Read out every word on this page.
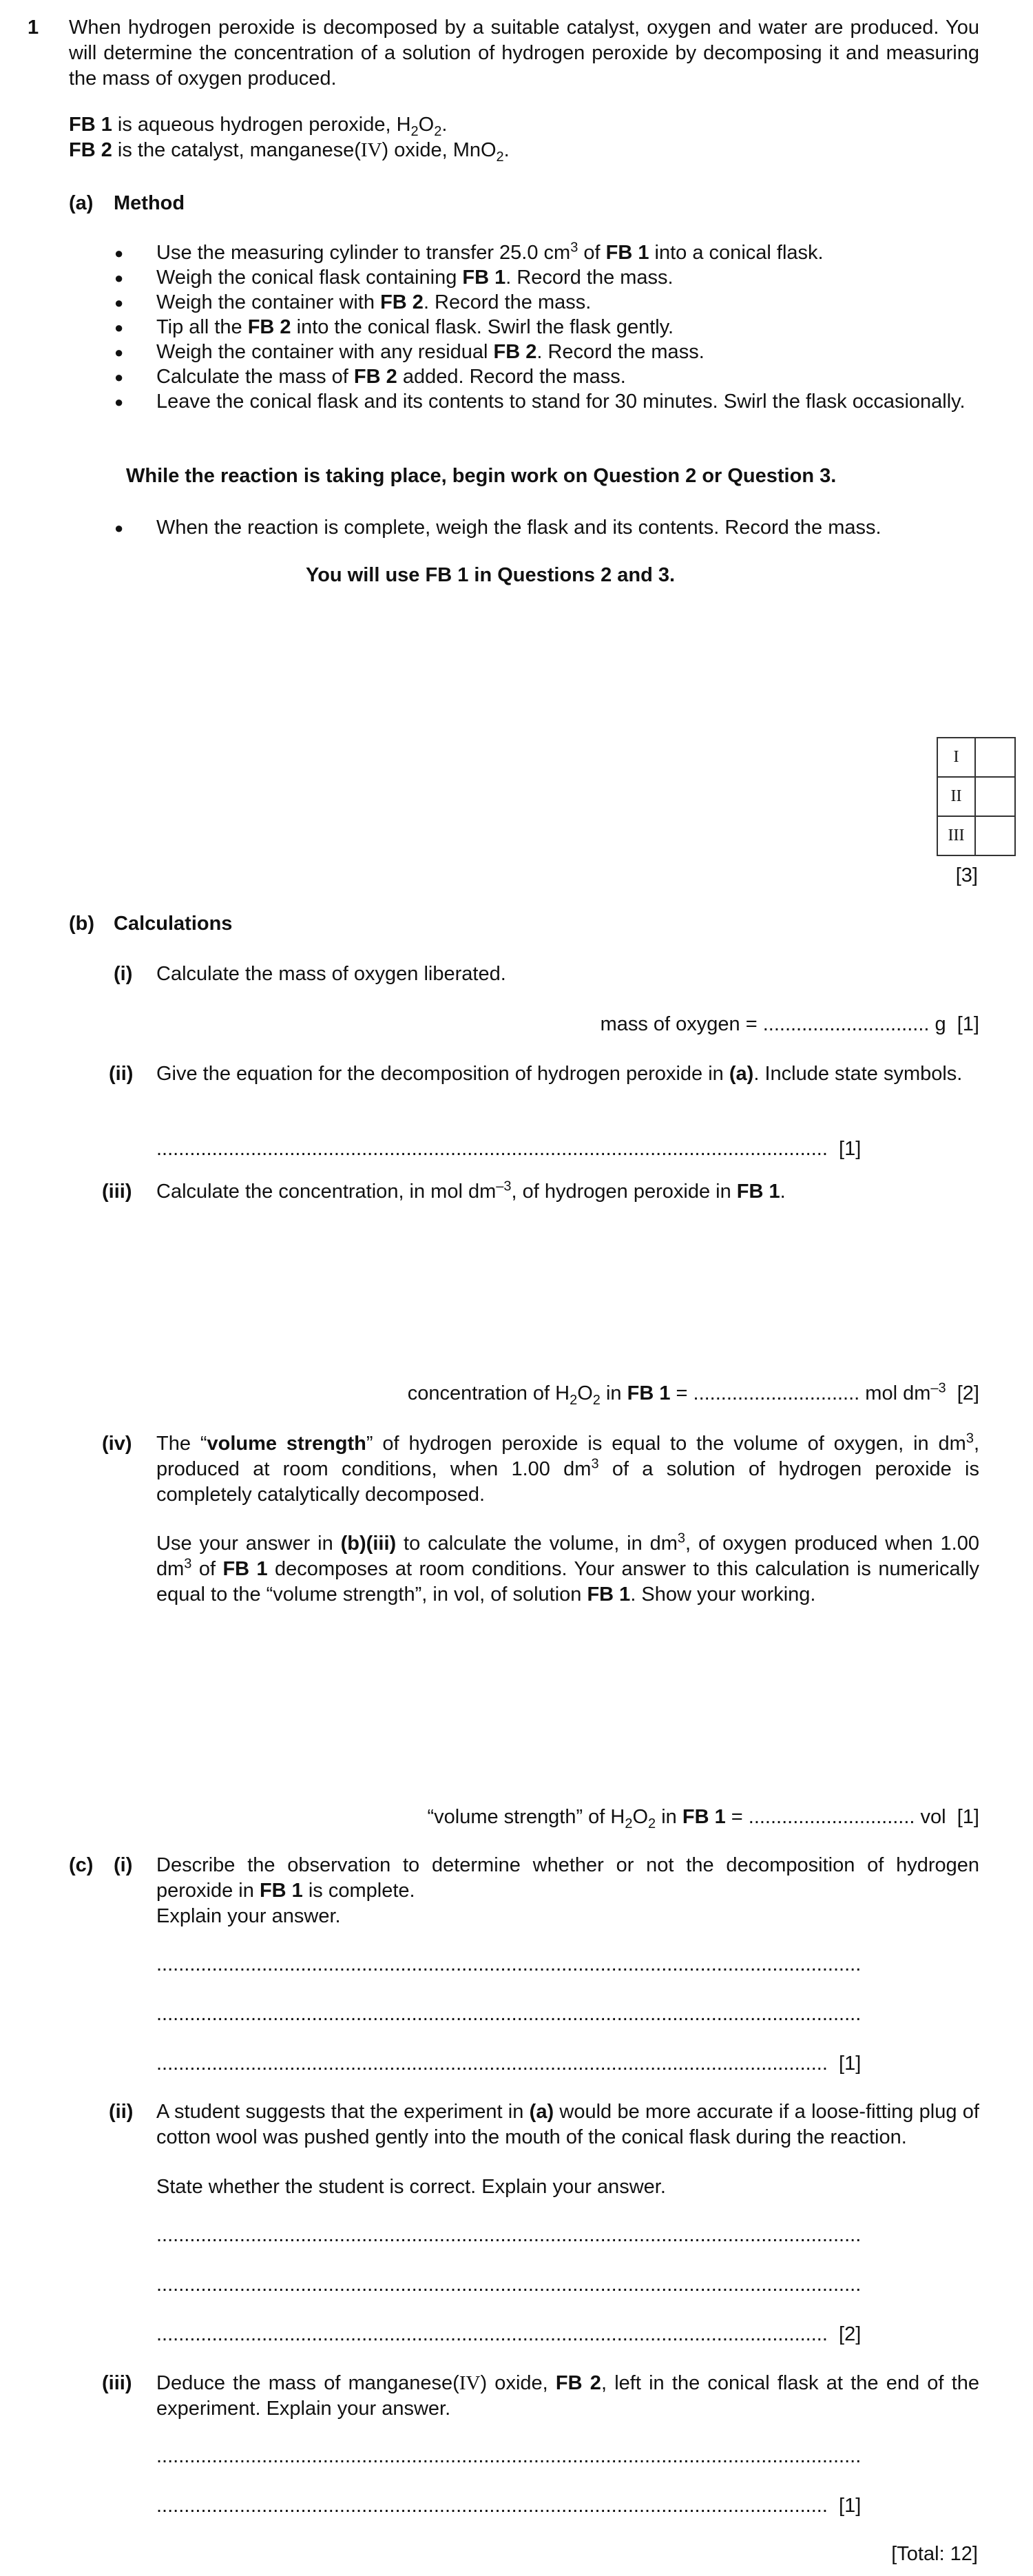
1 When hydrogen peroxide is decomposed by a suitable catalyst, oxygen and water are produced. You will determine the concentration of a solution of hydrogen peroxide by decomposing it and measuring the mass of oxygen produced.
FB 1 is aqueous hydrogen peroxide, $H_2O_2$.
FB 2 is the catalyst, manganese(IV) oxide, MnO$_2$.
(a) Method
● Use the measuring cylinder to transfer 25.0 $cm^3$ of FB 1 into a conical flask.
● Weigh the conical flask containing FB 1. Record the mass.
● Weigh the container with FB 2. Record the mass.
● Tip all the FB 2 into the conical flask. Swirl the flask gently.
● Weigh the container with any residual FB 2. Record the mass.
● Calculate the mass of FB 2 added. Record the mass.
● Leave the conical flask and its contents to stand for 30 minutes. Swirl the flask occasionally.
While the reaction is taking place, begin work on Question 2 or Question 3.
● When the reaction is complete, weigh the flask and its contents. Record the mass.
You will use FB 1 in Questions 2 and 3.
I	
II	
III	
[3]
(b) Calculations
(i) Calculate the mass of oxygen liberated.
mass of oxygen = .............................. g [1]
(ii) Give the equation for the decomposition of hydrogen peroxide in (a). Include state symbols.
......................................................................................................................... [1]
(iii) Calculate the concentration, in mol $dm^{-3}$, of hydrogen peroxide in FB 1.
concentration of $H_2O_2$ in FB 1 = .............................. mol $dm^{-3}$ [2]
(iv) The “volume strength” of hydrogen peroxide is equal to the volume of oxygen, in $dm^3$, produced at room conditions, when 1.00 $dm^3$ of a solution of hydrogen peroxide is completely catalytically decomposed.
Use your answer in (b)(iii) to calculate the volume, in $dm^3$, of oxygen produced when 1.00 $dm^3$ of FB 1 decomposes at room conditions. Your answer to this calculation is numerically equal to the “volume strength”, in vol, of solution FB 1. Show your working.
“volume strength” of $H_2O_2$ in FB 1 = .............................. vol [1]
(c) (i) Describe the observation to determine whether or not the decomposition of hydrogen peroxide in FB 1 is complete.
Explain your answer.
...............................................................................................................................
...............................................................................................................................
......................................................................................................................... [1]
(ii) A student suggests that the experiment in (a) would be more accurate if a loose-fitting plug of cotton wool was pushed gently into the mouth of the conical flask during the reaction.
State whether the student is correct. Explain your answer.
...............................................................................................................................
...............................................................................................................................
......................................................................................................................... [2]
(iii) Deduce the mass of manganese(IV) oxide, FB 2, left in the conical flask at the end of the experiment. Explain your answer.
...............................................................................................................................
......................................................................................................................... [1]
[Total: 12]
